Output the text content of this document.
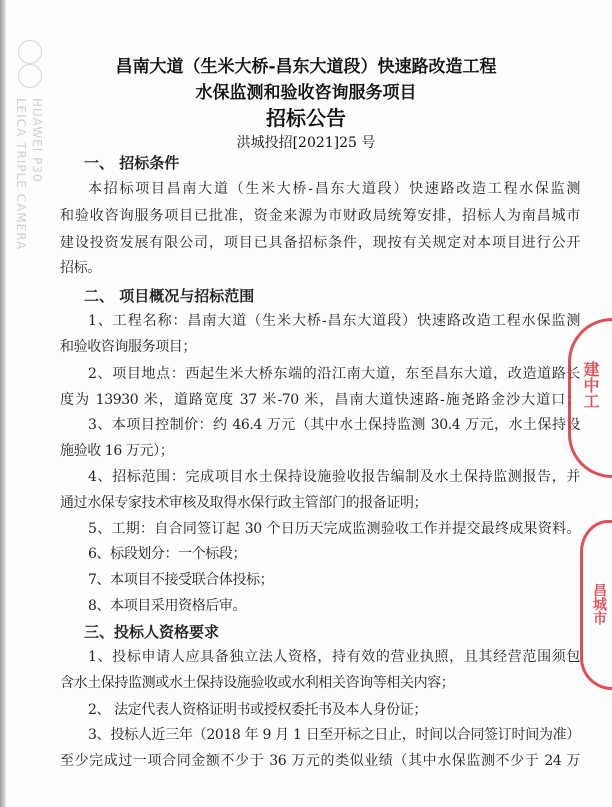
HUAWEI P30
LEICA TRIPLE CAMERA
昌南大道（生米大桥-昌东大道段）快速路改造工程
水保监测和验收咨询服务项目
招标公告
洪城投招[2021]25 号
一、 招标条件
本招标项目昌南大道（生米大桥-昌东大道段）快速路改造工程水保监测
和验收咨询服务项目已批准，资金来源为市财政局统筹安排，招标人为南昌城市
建设投资发展有限公司，项目已具备招标条件，现按有关规定对本项目进行公开
招标。
二、 项目概况与招标范围
1、工程名称：昌南大道（生米大桥-昌东大道段）快速路改造工程水保监测
和验收咨询服务项目；
2、项目地点：西起生米大桥东端的沿江南大道，东至昌东大道，改造道路长
度为 13930 米，道路宽度 37 米-70 米，昌南大道快速路-施尧路金沙大道口；
3、本项目控制价：约 46.4 万元（其中水土保持监测 30.4 万元，水土保持设
施验收 16 万元）；
4、招标范围：完成项目水土保持设施验收报告编制及水土保持监测报告，并
通过水保专家技术审核及取得水保行政主管部门的报备证明；
5、工期：自合同签订起 30 个日历天完成监测验收工作并提交最终成果资料。
6、标段划分：一个标段；
7、本项目不接受联合体投标；
8、本项目采用资格后审。
三、投标人资格要求
1、投标申请人应具备独立法人资格，持有效的营业执照，且其经营范围须包
含水土保持监测或水土保持设施验收或水利相关咨询等相关内容；
2、 法定代表人资格证明书或授权委托书及本人身份证；
3、投标人近三年（2018 年 9 月 1 日至开标之日止，时间以合同签订时间为准）
至少完成过一项合同金额不少于 36 万元的类似业绩（其中水保监测不少于 24 万
建中工
昌城市
